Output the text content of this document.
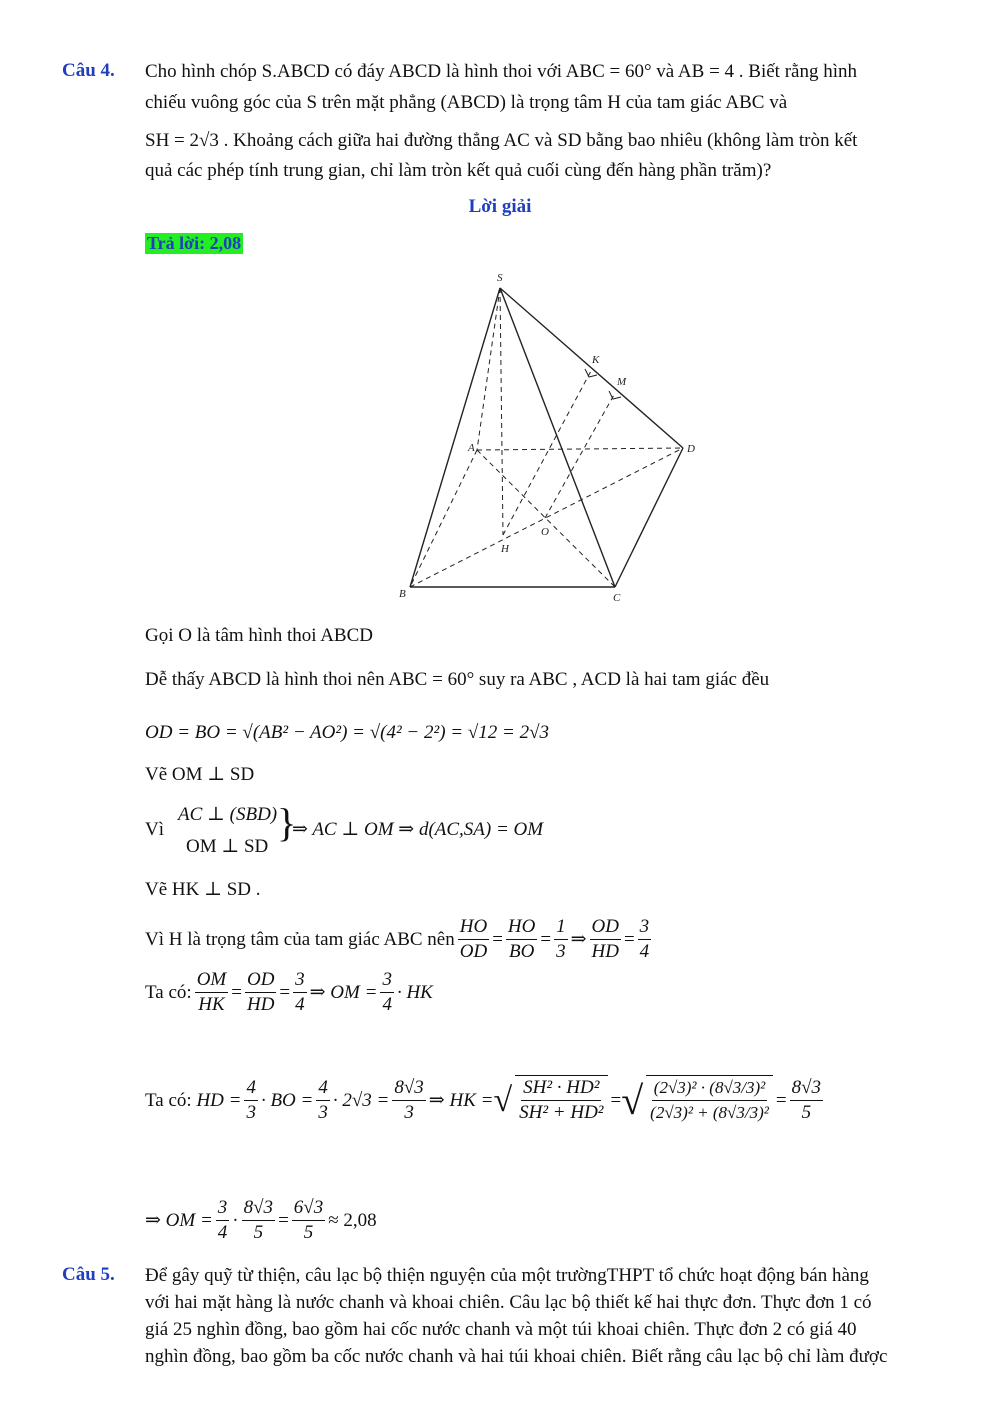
Câu 4. Cho hình chóp S.ABCD có đáy ABCD là hình thoi với ABC = 60° và AB = 4 . Biết rằng hình
chiếu vuông góc của S trên mặt phẳng (ABCD) là trọng tâm H của tam giác ABC và
SH = 2√3 . Khoảng cách giữa hai đường thẳng AC và SD bằng bao nhiêu (không làm tròn kết
quả các phép tính trung gian, chỉ làm tròn kết quả cuối cùng đến hàng phần trăm)?
Lời giải
Trả lời: 2,08
S
K
M
A	D
O
H
B	C
Gọi O là tâm hình thoi ABCD
Dễ thấy ABCD là hình thoi nên ABC = 60° suy ra ABC , ACD là hai tam giác đều
OD = BO = √(AB² − AO²) = √(4² − 2²) = √12 = 2√3
Vẽ OM ⊥ SD
Vì
AC ⊥ (SBD)
OM ⊥ SD
}
⇒ AC ⊥ OM ⇒ d(AC,SA) = OM
Vẽ HK ⊥ SD .
Vì H là trọng tâm của tam giác ABC nên $\frac{HO}{OD} = \frac{HO}{BO} = \frac{1}{3}$ ⇒ $\frac{OD}{HD} = \frac{3}{4}$
Ta có: $\frac{OM}{HK} = \frac{OD}{HD} = \frac{3}{4}$ ⇒ OM = $\frac{3}{4}$ · HK
Ta có:
HD = $\frac{4}{3}$ · BO = $\frac{4}{3} \cdot 2√3 = \frac{8√3}{3}$ ⇒ HK = √ $\frac{\text{SH² · HD²}}{\text{SH² + HD²}}$ = √ $\frac{\text{(2√3)² · (8√3/3)²}}{\text{(2√3)² + (8√3/3)²}} = \frac{8√3}{5}$
⇒ OM = $\frac{3}{4} \cdot \frac{8√3}{5} = \frac{6√3}{5} \approx 2,08$
Câu 5. Để gây quỹ từ thiện, câu lạc bộ thiện nguyện của một trườngTHPT tổ chức hoạt động bán hàng
với hai mặt hàng là nước chanh và khoai chiên. Câu lạc bộ thiết kế hai thực đơn. Thực đơn 1 có
giá 25 nghìn đồng, bao gồm hai cốc nước chanh và một túi khoai chiên. Thực đơn 2 có giá 40
nghìn đồng, bao gồm ba cốc nước chanh và hai túi khoai chiên. Biết rằng câu lạc bộ chỉ làm được
